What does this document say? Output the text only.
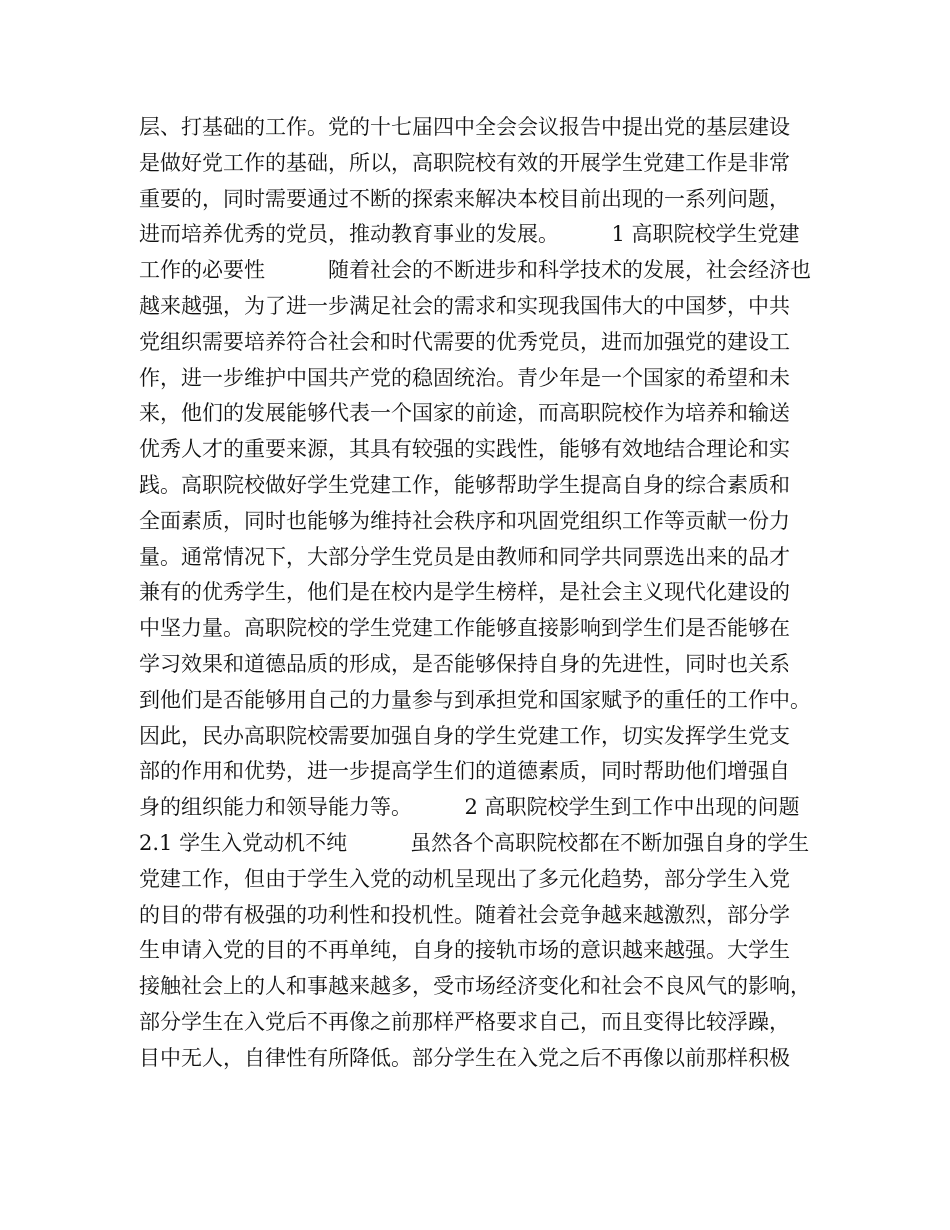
层、打基础的工作。党的十七届四中全会会议报告中提出党的基层建设
是做好党工作的基础，所以，高职院校有效的开展学生党建工作是非常
重要的，同时需要通过不断的探索来解决本校目前出现的一系列问题，
进而培养优秀的党员，推动教育事业的发展。　　　1 高职院校学生党建
工作的必要性　　　随着社会的不断进步和科学技术的发展，社会经济也
越来越强，为了进一步满足社会的需求和实现我国伟大的中国梦，中共
党组织需要培养符合社会和时代需要的优秀党员，进而加强党的建设工
作，进一步维护中国共产党的稳固统治。青少年是一个国家的希望和未
来，他们的发展能够代表一个国家的前途，而高职院校作为培养和输送
优秀人才的重要来源，其具有较强的实践性，能够有效地结合理论和实
践。高职院校做好学生党建工作，能够帮助学生提高自身的综合素质和
全面素质，同时也能够为维持社会秩序和巩固党组织工作等贡献一份力
量。通常情况下，大部分学生党员是由教师和同学共同票选出来的品才
兼有的优秀学生，他们是在校内是学生榜样，是社会主义现代化建设的
中坚力量。高职院校的学生党建工作能够直接影响到学生们是否能够在
学习效果和道德品质的形成，是否能够保持自身的先进性，同时也关系
到他们是否能够用自己的力量参与到承担党和国家赋予的重任的工作中。
因此，民办高职院校需要加强自身的学生党建工作，切实发挥学生党支
部的作用和优势，进一步提高学生们的道德素质，同时帮助他们增强自
身的组织能力和领导能力等。　　　2 高职院校学生到工作中出现的问题
2.1 学生入党动机不纯　　　虽然各个高职院校都在不断加强自身的学生
党建工作，但由于学生入党的动机呈现出了多元化趋势，部分学生入党
的目的带有极强的功利性和投机性。随着社会竞争越来越激烈，部分学
生申请入党的目的不再单纯，自身的接轨市场的意识越来越强。大学生
接触社会上的人和事越来越多，受市场经济变化和社会不良风气的影响，
部分学生在入党后不再像之前那样严格要求自己，而且变得比较浮躁，
目中无人，自律性有所降低。部分学生在入党之后不再像以前那样积极
